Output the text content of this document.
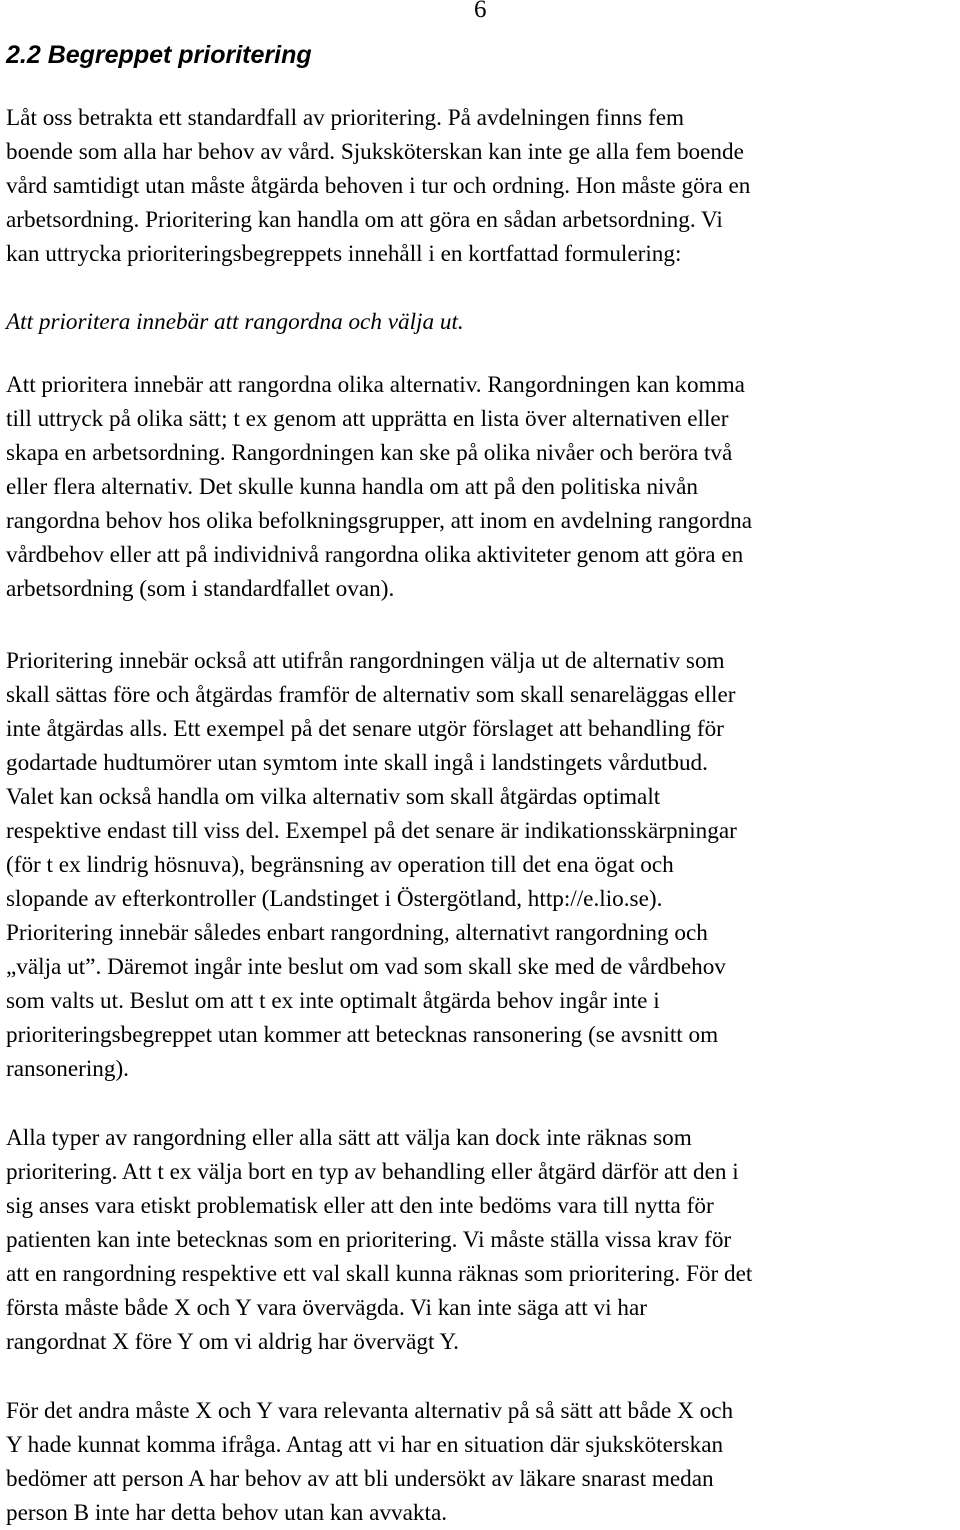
6
2.2 Begreppet prioritering
Låt oss betrakta ett standardfall av prioritering. På avdelningen finns fem
boende som alla har behov av vård. Sjuksköterskan kan inte ge alla fem boende
vård samtidigt utan måste åtgärda behoven i tur och ordning. Hon måste göra en
arbetsordning. Prioritering kan handla om att göra en sådan arbetsordning. Vi
kan uttrycka prioriteringsbegreppets innehåll i en kortfattad formulering:
Att prioritera innebär att rangordna och välja ut.
Att prioritera innebär att rangordna olika alternativ. Rangordningen kan komma
till uttryck på olika sätt; t ex genom att upprätta en lista över alternativen eller
skapa en arbetsordning. Rangordningen kan ske på olika nivåer och beröra två
eller flera alternativ. Det skulle kunna handla om att på den politiska nivån
rangordna behov hos olika befolkningsgrupper, att inom en avdelning rangordna
vårdbehov eller att på individnivå rangordna olika aktiviteter genom att göra en
arbetsordning (som i standardfallet ovan).
Prioritering innebär också att utifrån rangordningen välja ut de alternativ som
skall sättas före och åtgärdas framför de alternativ som skall senareläggas eller
inte åtgärdas alls. Ett exempel på det senare utgör förslaget att behandling för
godartade hudtumörer utan symtom inte skall ingå i landstingets vårdutbud.
Valet kan också handla om vilka alternativ som skall åtgärdas optimalt
respektive endast till viss del. Exempel på det senare är indikationsskärpningar
(för t ex lindrig hösnuva), begränsning av operation till det ena ögat och
slopande av efterkontroller (Landstinget i Östergötland, http://e.lio.se).
Prioritering innebär således enbart rangordning, alternativt rangordning och
„välja ut”. Däremot ingår inte beslut om vad som skall ske med de vårdbehov
som valts ut. Beslut om att t ex inte optimalt åtgärda behov ingår inte i
prioriteringsbegreppet utan kommer att betecknas ransonering (se avsnitt om
ransonering).
Alla typer av rangordning eller alla sätt att välja kan dock inte räknas som
prioritering. Att t ex välja bort en typ av behandling eller åtgärd därför att den i
sig anses vara etiskt problematisk eller att den inte bedöms vara till nytta för
patienten kan inte betecknas som en prioritering. Vi måste ställa vissa krav för
att en rangordning respektive ett val skall kunna räknas som prioritering. För det
första måste både X och Y vara övervägda. Vi kan inte säga att vi har
rangordnat X före Y om vi aldrig har övervägt Y.
För det andra måste X och Y vara relevanta alternativ på så sätt att både X och
Y hade kunnat komma ifråga. Antag att vi har en situation där sjuksköterskan
bedömer att person A har behov av att bli undersökt av läkare snarast medan
person B inte har detta behov utan kan avvakta.
